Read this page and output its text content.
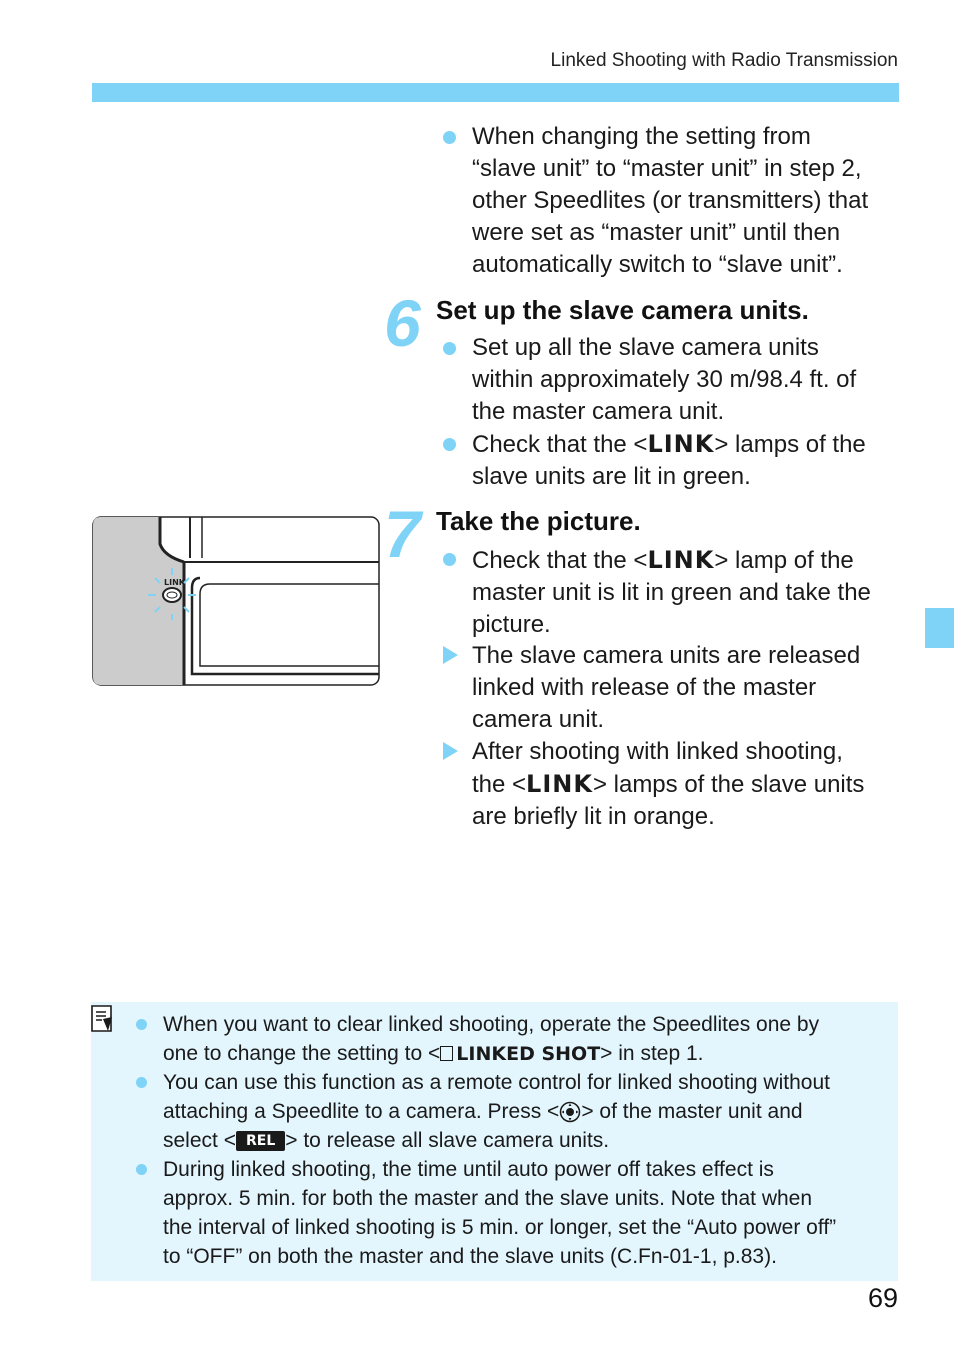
Linked Shooting with Radio Transmission
When changing the setting from
“slave unit” to “master unit” in step 2,
other Speedlites (or transmitters) that
were set as “master unit” until then
automatically switch to “slave unit”.
6 Set up the slave camera units.
Set up all the slave camera units
within approximately 30 m/98.4 ft. of
the master camera unit.
Check that the <LINK> lamps of the
slave units are lit in green.
LINK
7 Take the picture.
Check that the <LINK> lamp of the
master unit is lit in green and take the
picture.
The slave camera units are released
linked with release of the master
camera unit.
After shooting with linked shooting,
the <LINK> lamps of the slave units
are briefly lit in orange.
When you want to clear linked shooting, operate the Speedlites one by
one to change the setting to < LINKED SHOT> in step 1.
You can use this function as a remote control for linked shooting without
attaching a Speedlite to a camera. Press < > of the master unit and
select < REL > to release all slave camera units.
During linked shooting, the time until auto power off takes effect is
approx. 5 min. for both the master and the slave units. Note that when
the interval of linked shooting is 5 min. or longer, set the “Auto power off”
to “OFF” on both the master and the slave units (C.Fn-01-1, p.83).
69
